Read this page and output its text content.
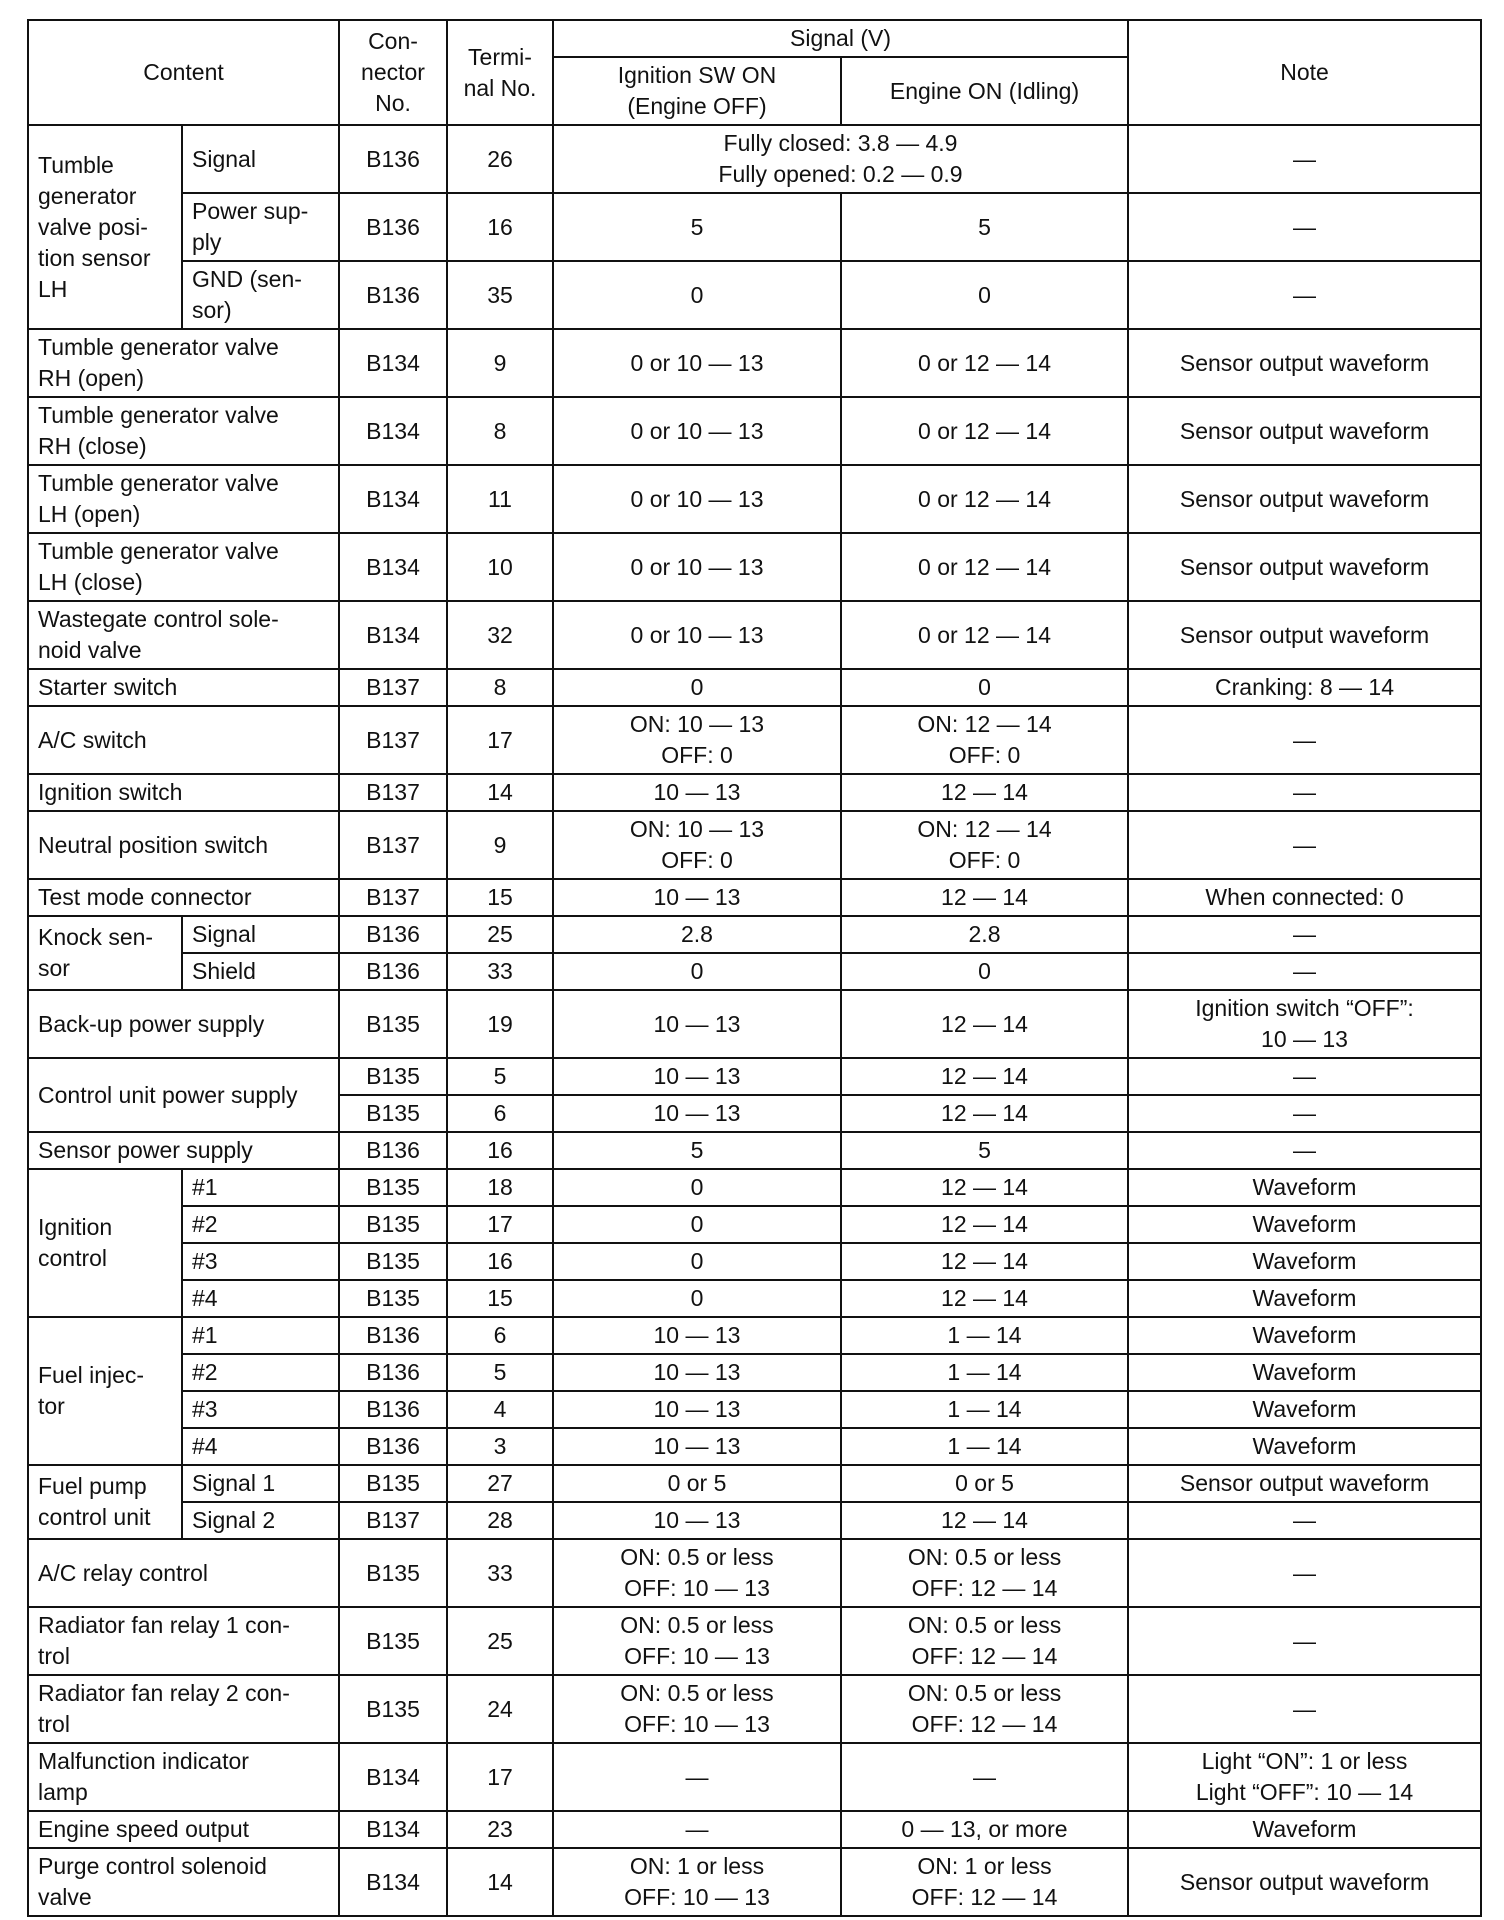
Content		Con-
nector
No.	Termi-
nal No.	Signal (V)		Note
				Ignition SW ON
(Engine OFF)	Engine ON (Idling)	
Tumble
generator
valve posi-
tion sensor
LH	Signal	B136	26	Fully closed: 3.8 — 4.9
Fully opened: 0.2 — 0.9		—
	Power sup-
ply	B136	16	5	5	—
	GND (sen-
sor)	B136	35	0	0	—
Tumble generator valve
RH (open)		B134	9	0 or 10 — 13	0 or 12 — 14	Sensor output waveform
Tumble generator valve
RH (close)		B134	8	0 or 10 — 13	0 or 12 — 14	Sensor output waveform
Tumble generator valve
LH (open)		B134	11	0 or 10 — 13	0 or 12 — 14	Sensor output waveform
Tumble generator valve
LH (close)		B134	10	0 or 10 — 13	0 or 12 — 14	Sensor output waveform
Wastegate control sole-
noid valve		B134	32	0 or 10 — 13	0 or 12 — 14	Sensor output waveform
Starter switch		B137	8	0	0	Cranking: 8 — 14
A/C switch		B137	17	ON: 10 — 13
OFF: 0	ON: 12 — 14
OFF: 0	—
Ignition switch		B137	14	10 — 13	12 — 14	—
Neutral position switch		B137	9	ON: 10 — 13
OFF: 0	ON: 12 — 14
OFF: 0	—
Test mode connector		B137	15	10 — 13	12 — 14	When connected: 0
Knock sen-
sor	Signal	B136	25	2.8	2.8	—
	Shield	B136	33	0	0	—
Back-up power supply		B135	19	10 — 13	12 — 14	Ignition switch “OFF”:
10 — 13
Control unit power supply		B135	5	10 — 13	12 — 14	—
		B135	6	10 — 13	12 — 14	—
Sensor power supply		B136	16	5	5	—
Ignition
control	#1	B135	18	0	12 — 14	Waveform
	#2	B135	17	0	12 — 14	Waveform
	#3	B135	16	0	12 — 14	Waveform
	#4	B135	15	0	12 — 14	Waveform
Fuel injec-
tor	#1	B136	6	10 — 13	1 — 14	Waveform
	#2	B136	5	10 — 13	1 — 14	Waveform
	#3	B136	4	10 — 13	1 — 14	Waveform
	#4	B136	3	10 — 13	1 — 14	Waveform
Fuel pump
control unit	Signal 1	B135	27	0 or 5	0 or 5	Sensor output waveform
	Signal 2	B137	28	10 — 13	12 — 14	—
A/C relay control		B135	33	ON: 0.5 or less
OFF: 10 — 13	ON: 0.5 or less
OFF: 12 — 14	—
Radiator fan relay 1 con-
trol		B135	25	ON: 0.5 or less
OFF: 10 — 13	ON: 0.5 or less
OFF: 12 — 14	—
Radiator fan relay 2 con-
trol		B135	24	ON: 0.5 or less
OFF: 10 — 13	ON: 0.5 or less
OFF: 12 — 14	—
Malfunction indicator
lamp		B134	17	—	—	Light “ON”: 1 or less
Light “OFF”: 10 — 14
Engine speed output		B134	23	—	0 — 13, or more	Waveform
Purge control solenoid
valve		B134	14	ON: 1 or less
OFF: 10 — 13	ON: 1 or less
OFF: 12 — 14	Sensor output waveform
